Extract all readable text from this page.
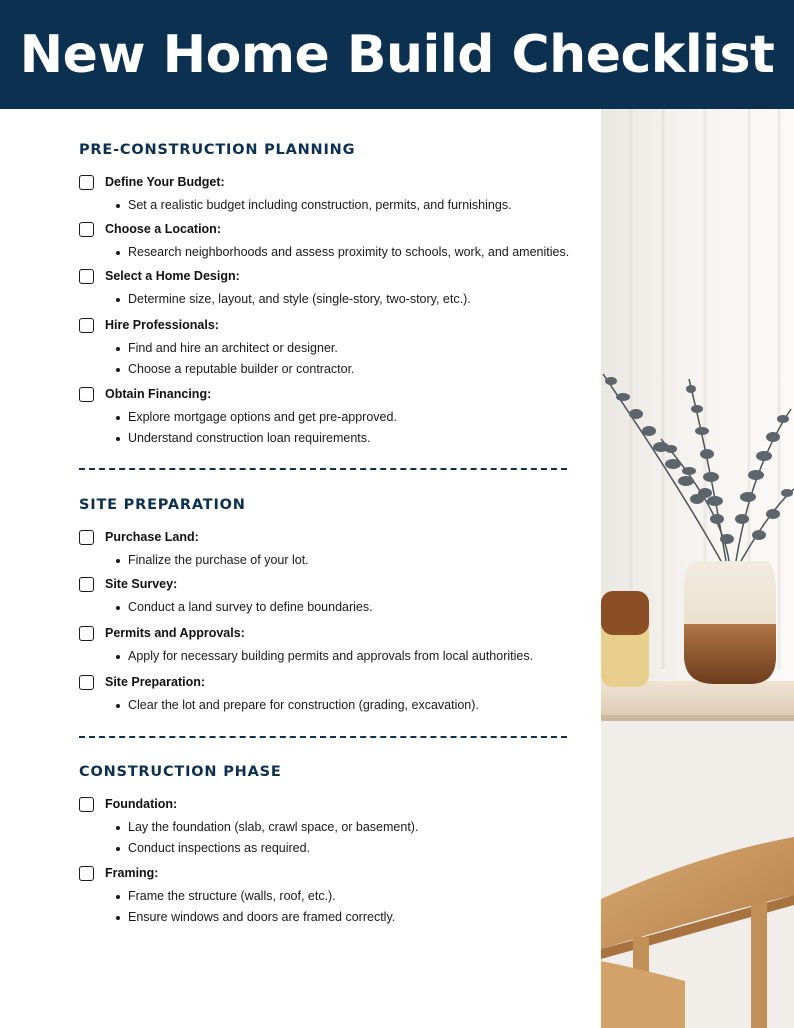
New Home Build Checklist
PRE-CONSTRUCTION PLANNING
Define Your Budget:
Set a realistic budget including construction, permits, and furnishings.
Choose a Location:
Research neighborhoods and assess proximity to schools, work, and amenities.
Select a Home Design:
Determine size, layout, and style (single-story, two-story, etc.).
Hire Professionals:
Find and hire an architect or designer.
Choose a reputable builder or contractor.
Obtain Financing:
Explore mortgage options and get pre-approved.
Understand construction loan requirements.
SITE PREPARATION
Purchase Land:
Finalize the purchase of your lot.
Site Survey:
Conduct a land survey to define boundaries.
Permits and Approvals:
Apply for necessary building permits and approvals from local authorities.
Site Preparation:
Clear the lot and prepare for construction (grading, excavation).
CONSTRUCTION PHASE
Foundation:
Lay the foundation (slab, crawl space, or basement).
Conduct inspections as required.
Framing:
Frame the structure (walls, roof, etc.).
Ensure windows and doors are framed correctly.
